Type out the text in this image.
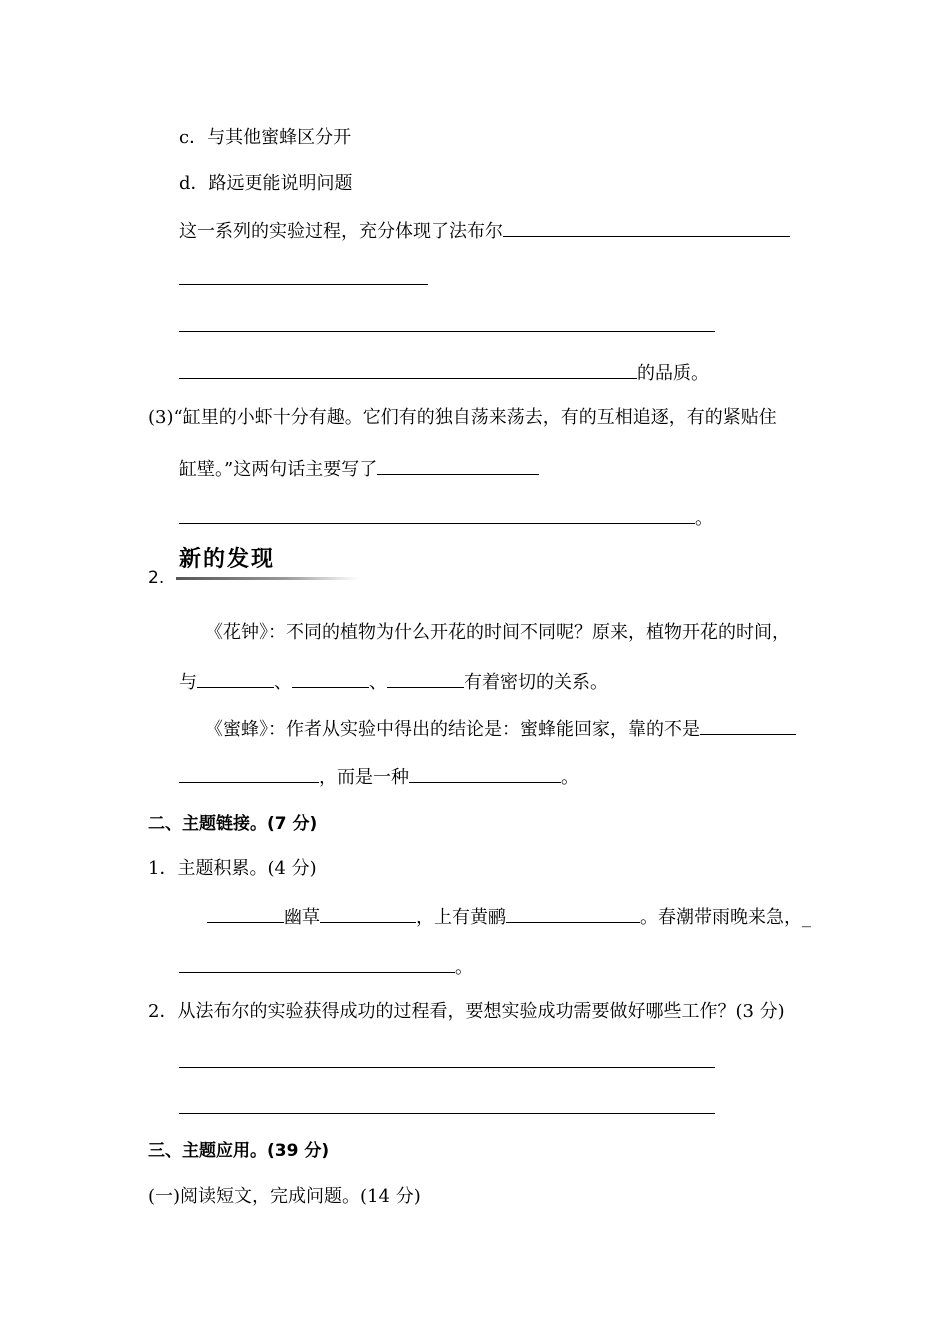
c．与其他蜜蜂区分开
d．路远更能说明问题
这一系列的实验过程，充分体现了法布尔
的品质。
(3)“缸里的小虾十分有趣。它们有的独自荡来荡去，有的互相追逐，有的紧贴住
缸壁。”这两句话主要写了
。
2.
新的发现
《花钟》：不同的植物为什么开花的时间不同呢？原来，植物开花的时间，
与	、	、	有着密切的关系。
《蜜蜂》：作者从实验中得出的结论是：蜜蜂能回家，靠的不是
，而是一种	。
二、主题链接。(7 分)
1．主题积累。(4 分)
幽草	，上有黄鹂	。春潮带雨晚来急，_
。
2．从法布尔的实验获得成功的过程看，要想实验成功需要做好哪些工作？(3 分)
三、主题应用。(39 分)
(一)阅读短文，完成问题。(14 分)
